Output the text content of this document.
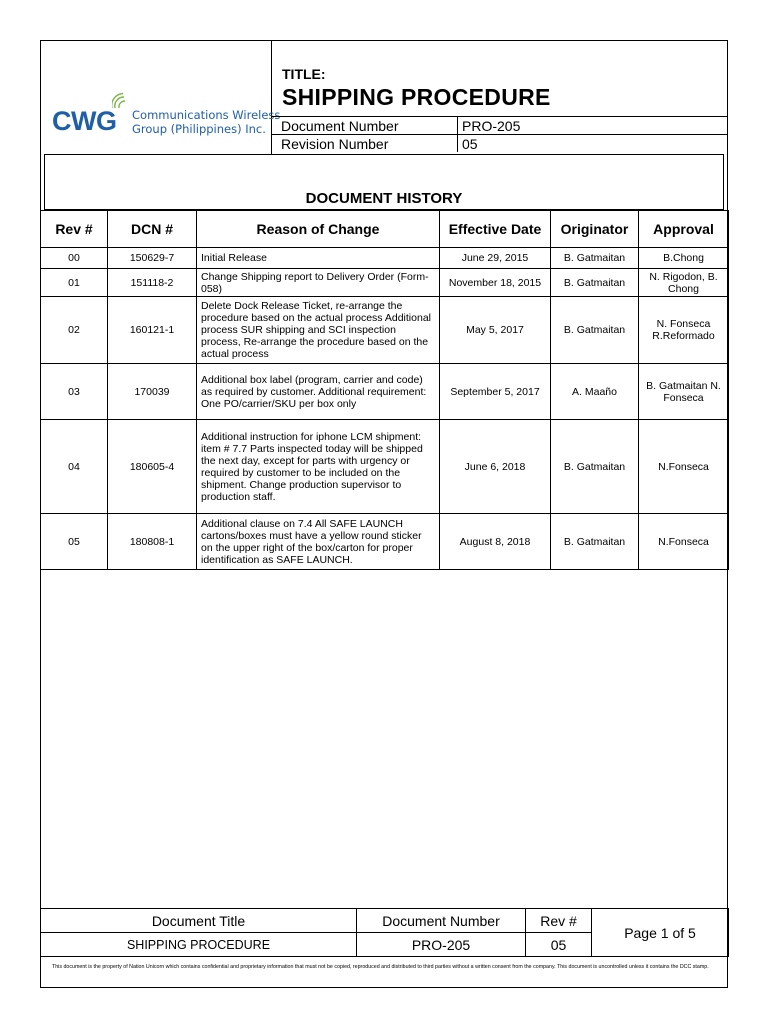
CWG Communications Wireless
Group (Philippines) Inc.
TITLE:
SHIPPING PROCEDURE
Document Number	PRO-205
Revision Number	05
DOCUMENT HISTORY
Rev #	DCN #	Reason of Change	Effective Date	Originator	Approval
00	150629-7	Initial Release	June 29, 2015	B. Gatmaitan	B.Chong
01	151118-2	Change Shipping report to Delivery Order (Form- 058)	November 18, 2015	B. Gatmaitan	N. Rigodon, B. Chong
02	160121-1	Delete Dock Release Ticket, re-arrange the procedure based on the actual process Additional process SUR shipping and SCI inspection process, Re-arrange the procedure based on the actual process	May 5, 2017	B. Gatmaitan	N. Fonseca R.Reformado
03	170039	Additional box label (program, carrier and code) as required by customer. Additional requirement: One PO/carrier/SKU per box only	September 5, 2017	A. Maaño	B. Gatmaitan N. Fonseca
04	180605-4	Additional instruction for iphone LCM shipment: item # 7.7 Parts inspected today will be shipped the next day, except for parts with urgency or required by customer to be included on the shipment. Change production supervisor to production staff.	June 6, 2018	B. Gatmaitan	N.Fonseca
05	180808-1	Additional clause on 7.4 All SAFE LAUNCH cartons/boxes must have a yellow round sticker on the upper right of the box/carton for proper identification as SAFE LAUNCH.	August 8, 2018	B. Gatmaitan	N.Fonseca
Document Title	Document Number	Rev #	Page 1 of 5
SHIPPING PROCEDURE	PRO-205	05	
This document is the property of Nation Unicorn which contains confidential and proprietary information that must not be copied, reproduced and distributed to third parties without a written consent from the company. This document is uncontrolled unless it contains the DCC stamp.
